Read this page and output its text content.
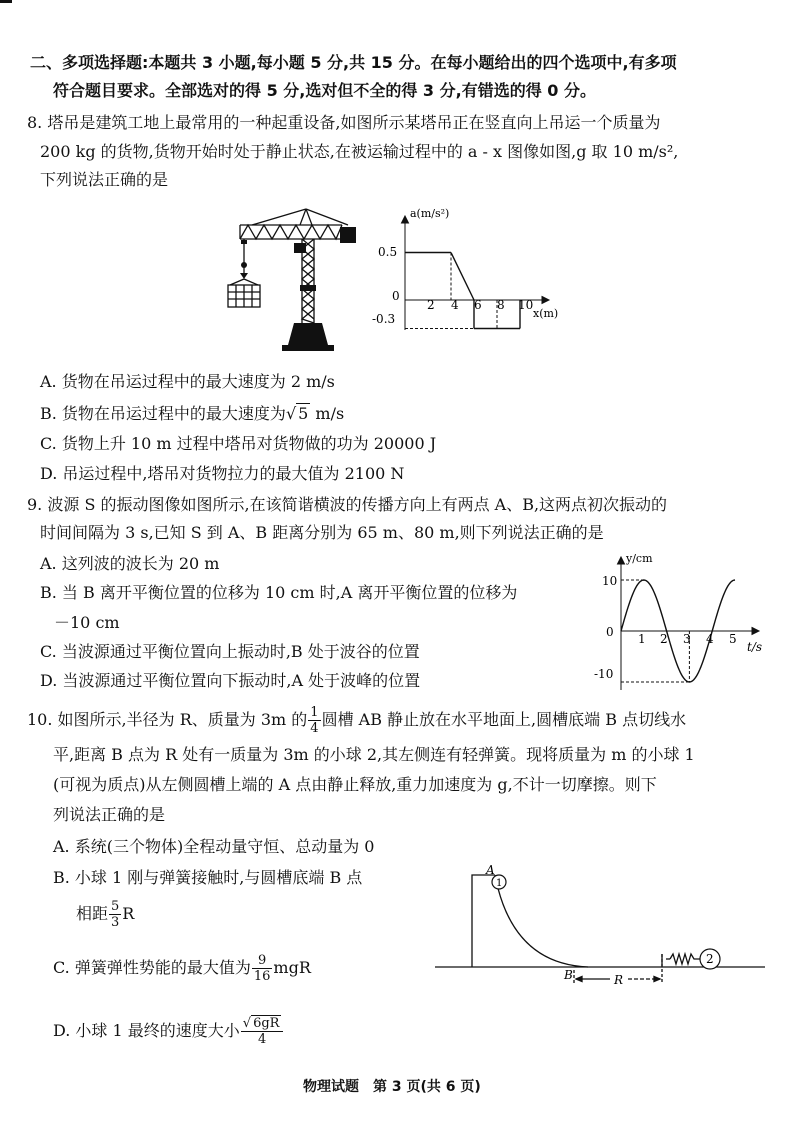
二、多项选择题:本题共 3 小题,每小题 5 分,共 15 分。在每小题给出的四个选项中,有多项
符合题目要求。全部选对的得 5 分,选对但不全的得 3 分,有错选的得 0 分。
8. 塔吊是建筑工地上最常用的一种起重设备,如图所示某塔吊正在竖直向上吊运一个质量为
200 kg 的货物,货物开始时处于静止状态,在被运输过程中的 a - x 图像如图,g 取 10 m/s²,
下列说法正确的是
a(m/s²)
x(m)
0
0.5
-0.3
2 4 6 8 10
A. 货物在吊运过程中的最大速度为 2 m/s
B. 货物在吊运过程中的最大速度为√ 5 m/s
C. 货物上升 10 m 过程中塔吊对货物做的功为 20000 J
D. 吊运过程中,塔吊对货物拉力的最大值为 2100 N
9. 波源 S 的振动图像如图所示,在该简谐横波的传播方向上有两点 A、B,这两点初次振动的
时间间隔为 3 s,已知 S 到 A、B 距离分别为 65 m、80 m,则下列说法正确的是
A. 这列波的波长为 20 m
B. 当 B 离开平衡位置的位移为 10 cm 时,A 离开平衡位置的位移为
－10 cm
C. 当波源通过平衡位置向上振动时,B 处于波谷的位置
D. 当波源通过平衡位置向下振动时,A 处于波峰的位置
y/cm
t/s
0
10
-10
1 2 3 4 5
10. 如图所示,半径为 R、质量为 3m 的 $\frac{1}{4}$ 圆槽 AB 静止放在水平地面上,圆槽底端 B 点切线水
平,距离 B 点为 R 处有一质量为 3m 的小球 2,其左侧连有轻弹簧。现将质量为 m 的小球 1
(可视为质点)从左侧圆槽上端的 A 点由静止释放,重力加速度为 g,不计一切摩擦。则下
列说法正确的是
A. 系统(三个物体)全程动量守恒、总动量为 0
B. 小球 1 刚与弹簧接触时,与圆槽底端 B 点
相距 $\frac{5}{3}$ R
C. 弹簧弹性势能的最大值为 $\frac{9}{16}$ mgR
D. 小球 1 最终的速度大小 $\frac{√ 6gR}{4}$
A
1
B	R
2
物理试题　第 3 页(共 6 页)
